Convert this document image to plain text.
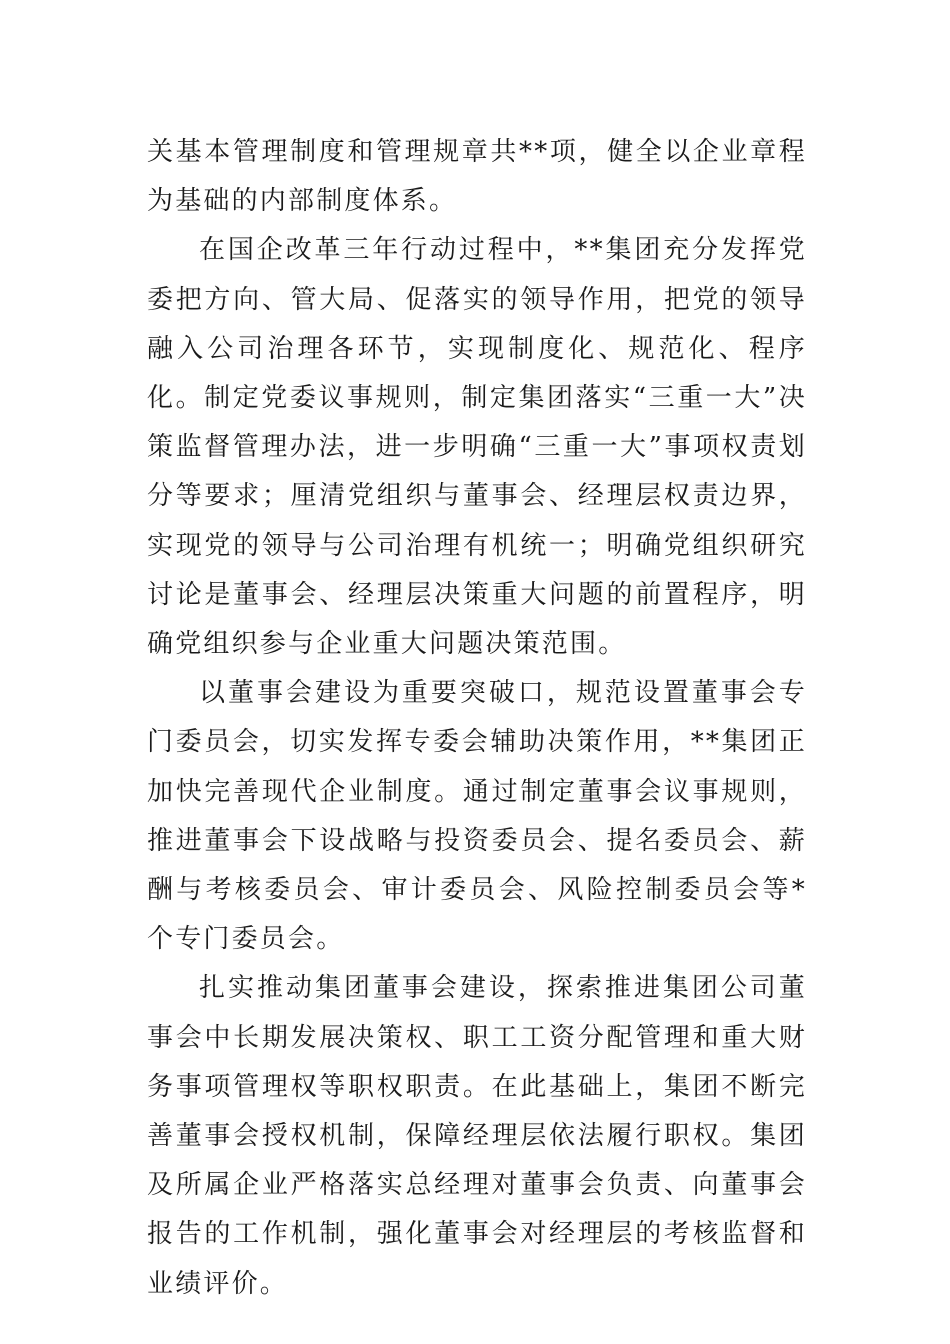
关基本管理制度和管理规章共**项，健全以企业章程为基础的内部制度体系。

在国企改革三年行动过程中，**集团充分发挥党委把方向、管大局、促落实的领导作用，把党的领导融入公司治理各环节，实现制度化、规范化、程序化。制定党委议事规则，制定集团落实“三重一大”决策监督管理办法，进一步明确“三重一大”事项权责划分等要求；厘清党组织与董事会、经理层权责边界，实现党的领导与公司治理有机统一；明确党组织研究讨论是董事会、经理层决策重大问题的前置程序，明确党组织参与企业重大问题决策范围。

以董事会建设为重要突破口，规范设置董事会专门委员会，切实发挥专委会辅助决策作用，**集团正加快完善现代企业制度。通过制定董事会议事规则，推进董事会下设战略与投资委员会、提名委员会、薪酬与考核委员会、审计委员会、风险控制委员会等*个专门委员会。

扎实推动集团董事会建设，探索推进集团公司董事会中长期发展决策权、职工工资分配管理和重大财务事项管理权等职权职责。在此基础上，集团不断完善董事会授权机制，保障经理层依法履行职权。集团及所属企业严格落实总经理对董事会负责、向董事会报告的工作机制，强化董事会对经理层的考核监督和业绩评价。
